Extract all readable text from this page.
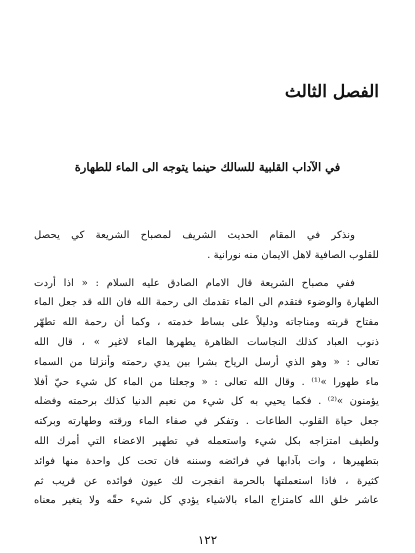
الفصل الثالث
في الآداب القلبية للسالك حينما يتوجه الى الماء للطهارة
ونذكر في المقام الحديث الشريف لمصباح الشريعة كي يحصل
للقلوب الصافية لاهل الايمان منه نورانية .
ففي مصباح الشريعة قال الامام الصادق عليه السلام : « اذا أردت
الطهارة والوضوء فتقدم الى الماء تقدمك الى رحمة الله فان الله قد جعل الماء
مفتاح قربته ومناجاته ودليلاً على بساط خدمته ، وكما أن رحمة الله تطهّر
ذنوب العباد كذلك النجاسات الظاهرة يطهرها الماء لاغير » ، قال الله
تعالى : « وهو الذي أرسل الرياح بشرا بين يدي رحمته وأنزلنا من السماء
ماء طهورا »⁽¹⁾ . وقال الله تعالى : « وجعلنا من الماء كل شيء حيّ أفلا
يؤمنون »⁽²⁾ . فكما يحيي به كل شيء من نعيم الدنيا كذلك برحمته وفضله
جعل حياة القلوب الطاعات . وتفكر في صفاء الماء ورقته وطهارته وبركته
ولطيف امتزاجه بكل شيء واستعمله في تطهير الاعضاء التي أمرك الله
بتطهيرها ، وات بآدابها في فرائضه وسننه فان تحت كل واحدة منها فوائد
كثيرة ، فاذا استعملتها بالحرمة انفجرت لك عيون فوائده عن قريب ثم
عاشر خلق الله كامتزاج الماء بالاشياء يؤدي كل شيء حقّه ولا يتغير معناه
١٢٢
